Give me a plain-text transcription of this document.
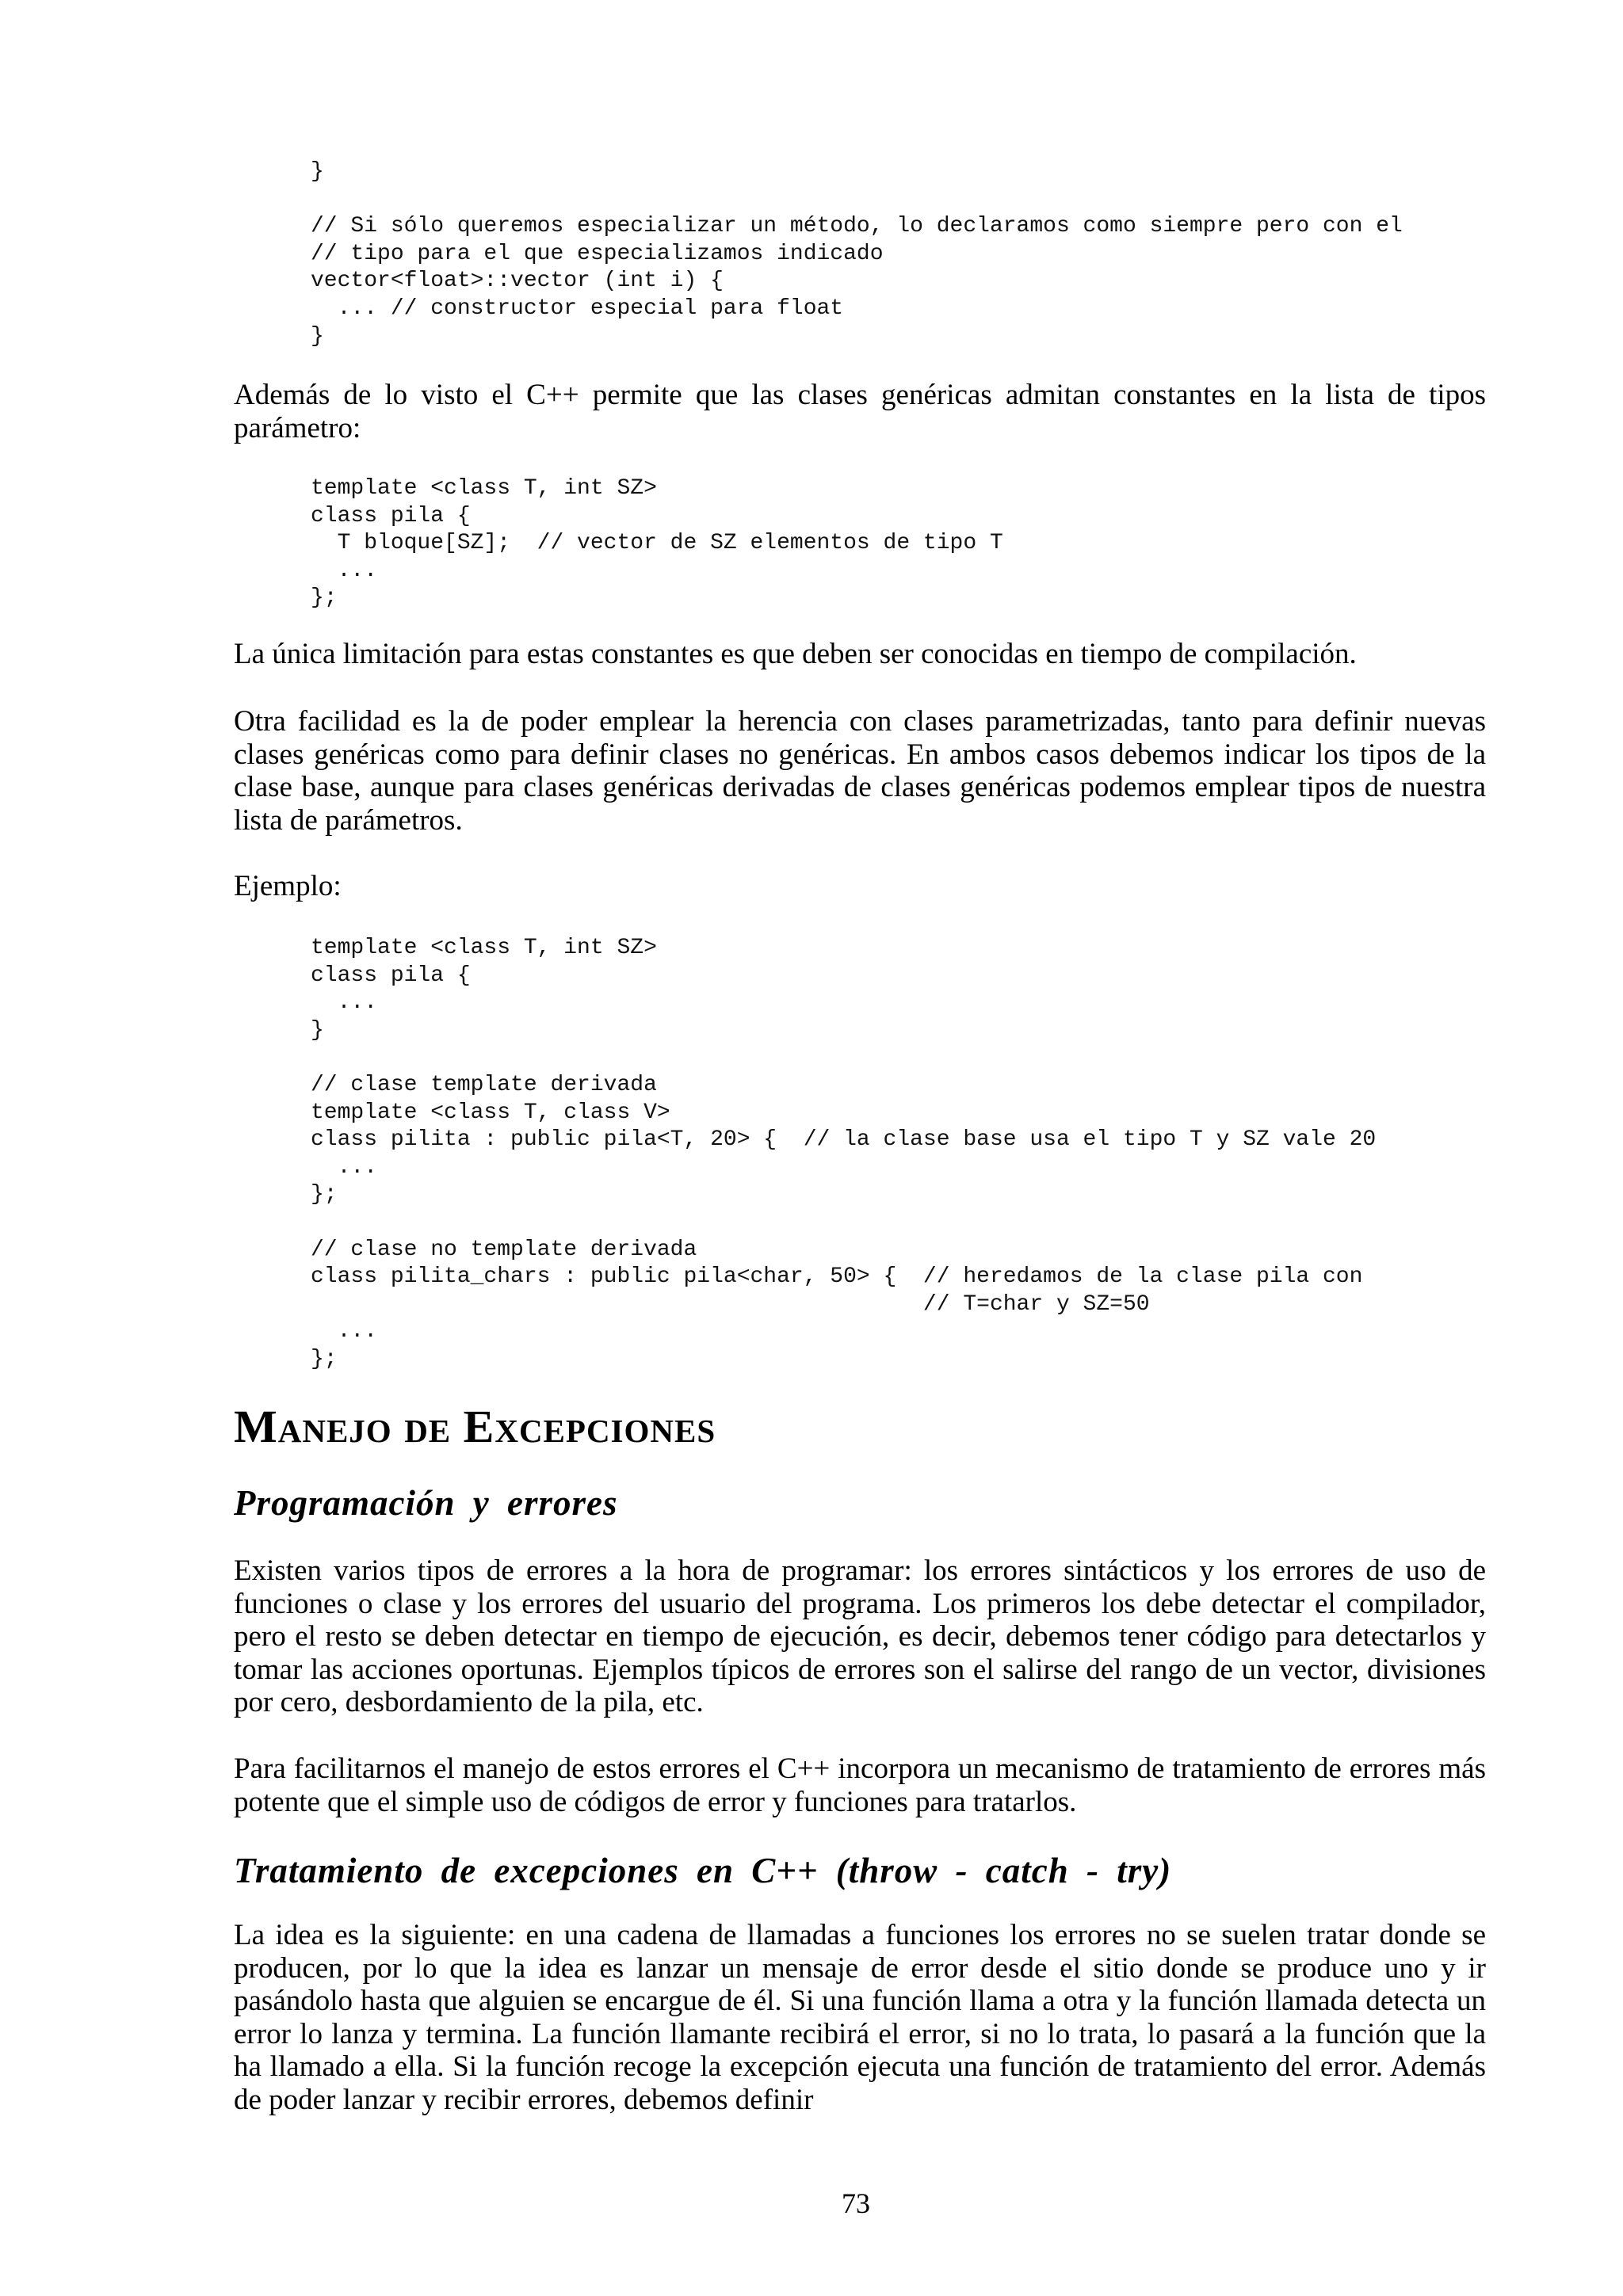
}
// Si sólo queremos especializar un método, lo declaramos como siempre pero con el
// tipo para el que especializamos indicado
vector<float>::vector (int i) {
... // constructor especial para float
}

Además de lo visto el C++ permite que las clases genéricas admitan constantes en la lista de tipos parámetro:

template <class T, int SZ>
class pila {
T bloque[SZ];  // vector de SZ elementos de tipo T
...
};

La única limitación para estas constantes es que deben ser conocidas en tiempo de compilación.

Otra facilidad es la de poder emplear la herencia con clases parametrizadas, tanto para definir nuevas clases genéricas como para definir clases no genéricas. En ambos casos debemos indicar los tipos de la clase base, aunque para clases genéricas derivadas de clases genéricas podemos emplear tipos de nuestra lista de parámetros.

Ejemplo:

template <class T, int SZ>
class pila {
...
}
// clase template derivada
template <class T, class V>
class pilita : public pila<T, 20> {  // la clase base usa el tipo T y SZ vale 20
...
};
// clase no template derivada
class pilita_chars : public pila<char, 50> {  // heredamos de la clase pila con
// T=char y SZ=50
...
};
Manejo de Excepciones
Programación y errores

Existen varios tipos de errores a la hora de programar: los errores sintácticos y los errores de uso de funciones o clase y los errores del usuario del programa. Los primeros los debe detectar el compilador, pero el resto se deben detectar en tiempo de ejecución, es decir, debemos tener código para detectarlos y tomar las acciones oportunas. Ejemplos típicos de errores son el salirse del rango de un vector, divisiones por cero, desbordamiento de la pila, etc.

Para facilitarnos el manejo de estos errores el C++ incorpora un mecanismo de tratamiento de errores más potente que el simple uso de códigos de error y funciones para tratarlos.

Tratamiento de excepciones en C++ (throw - catch - try)

La idea es la siguiente: en una cadena de llamadas a funciones los errores no se suelen tratar donde se producen, por lo que la idea es lanzar un mensaje de error desde el sitio donde se produce uno y ir pasándolo hasta que alguien se encargue de él. Si una función llama a otra y la función llamada detecta un error lo lanza y termina. La función llamante recibirá el error, si no lo trata, lo pasará a la función que la ha llamado a ella. Si la función recoge la excepción ejecuta una función de tratamiento del error. Además de poder lanzar y recibir errores, debemos definir

73
